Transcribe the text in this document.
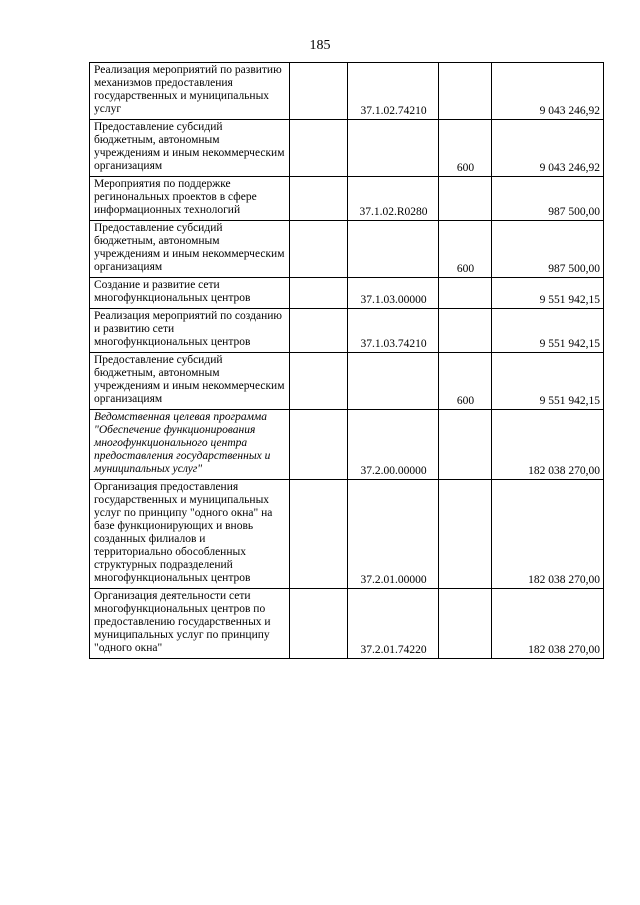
185
Реализация мероприятий по развитию механизмов предоставления государственных и муниципальных услуг		37.1.02.74210		9 043 246,92
Предоставление субсидий бюджетным, автономным учреждениям и иным некоммерческим организациям			600	9 043 246,92
Мероприятия по поддержке регинональных проектов в сфере информационных технологий		37.1.02.R0280		987 500,00
Предоставление субсидий бюджетным, автономным учреждениям и иным некоммерческим организациям			600	987 500,00
Создание и развитие сети многофункциональных центров		37.1.03.00000		9 551 942,15
Реализация мероприятий по созданию и развитию сети многофункциональных центров		37.1.03.74210		9 551 942,15
Предоставление субсидий бюджетным, автономным учреждениям и иным некоммерческим организациям			600	9 551 942,15
Ведомственная целевая программа "Обеспечение функционирования многофункционального центра предоставления государственных и муниципальных услуг"		37.2.00.00000		182 038 270,00
Организация предоставления государственных и муниципальных услуг по принципу "одного окна" на базе функционирующих и вновь созданных филиалов и территориально обособленных структурных подразделений многофункциональных центров		37.2.01.00000		182 038 270,00
Организация деятельности сети многофункциональных центров по предоставлению государственных и муниципальных услуг по принципу "одного окна"		37.2.01.74220		182 038 270,00
